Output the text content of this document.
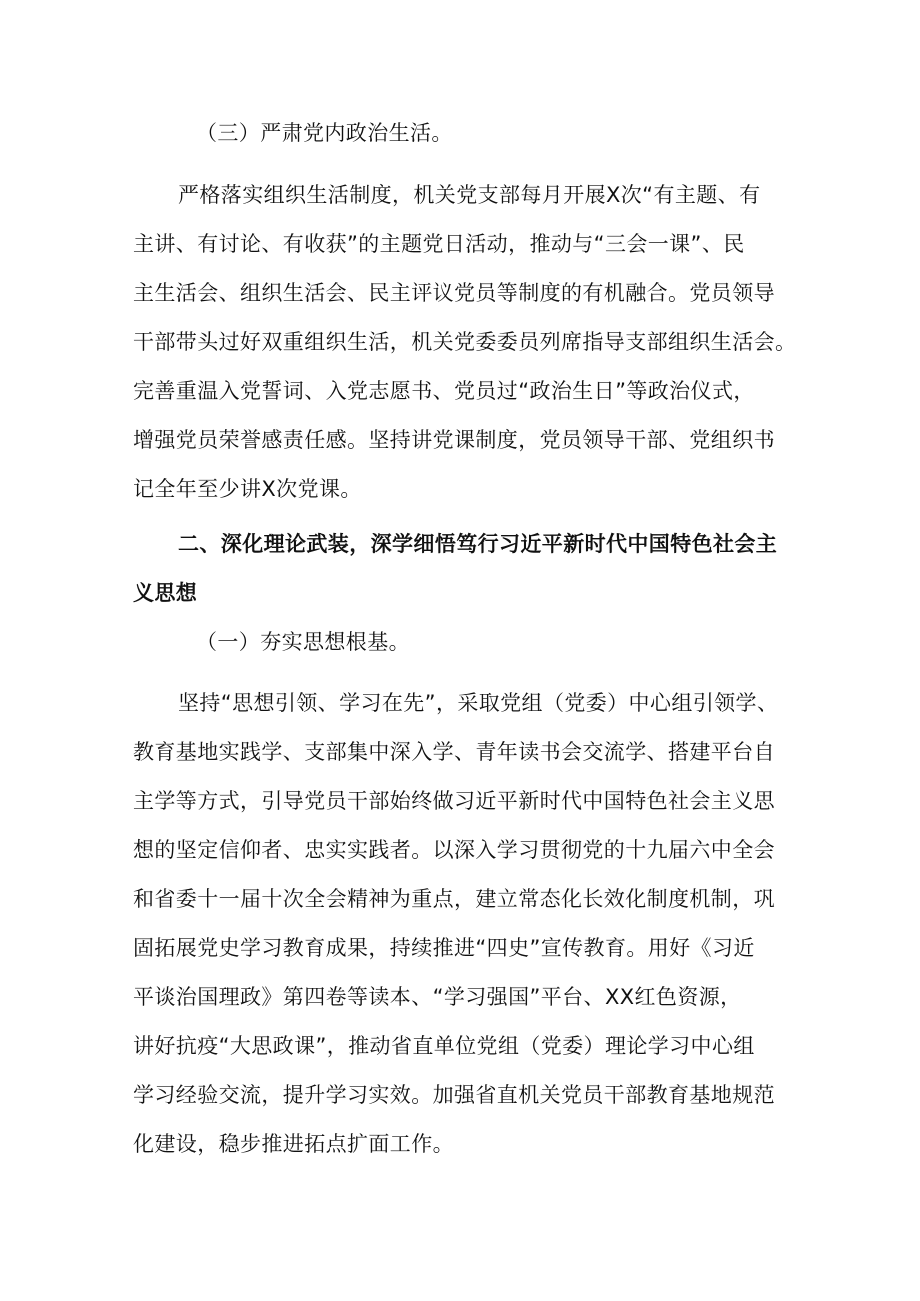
（三）严肃党内政治生活。
严格落实组织生活制度，机关党支部每月开展X次“有主题、有
主讲、有讨论、有收获”的主题党日活动，推动与“三会一课”、民
主生活会、组织生活会、民主评议党员等制度的有机融合。党员领导
干部带头过好双重组织生活，机关党委委员列席指导支部组织生活会。
完善重温入党誓词、入党志愿书、党员过“政治生日”等政治仪式，
增强党员荣誉感责任感。坚持讲党课制度，党员领导干部、党组织书
记全年至少讲X次党课。
二、深化理论武装，深学细悟笃行习近平新时代中国特色社会主
义思想
（一）夯实思想根基。
坚持“思想引领、学习在先”，采取党组（党委）中心组引领学、
教育基地实践学、支部集中深入学、青年读书会交流学、搭建平台自
主学等方式，引导党员干部始终做习近平新时代中国特色社会主义思
想的坚定信仰者、忠实实践者。以深入学习贯彻党的十九届六中全会
和省委十一届十次全会精神为重点，建立常态化长效化制度机制，巩
固拓展党史学习教育成果，持续推进“四史”宣传教育。用好《习近
平谈治国理政》第四卷等读本、“学习强国”平台、XX红色资源，
讲好抗疫“大思政课”，推动省直单位党组（党委）理论学习中心组
学习经验交流，提升学习实效。加强省直机关党员干部教育基地规范
化建设，稳步推进拓点扩面工作。
